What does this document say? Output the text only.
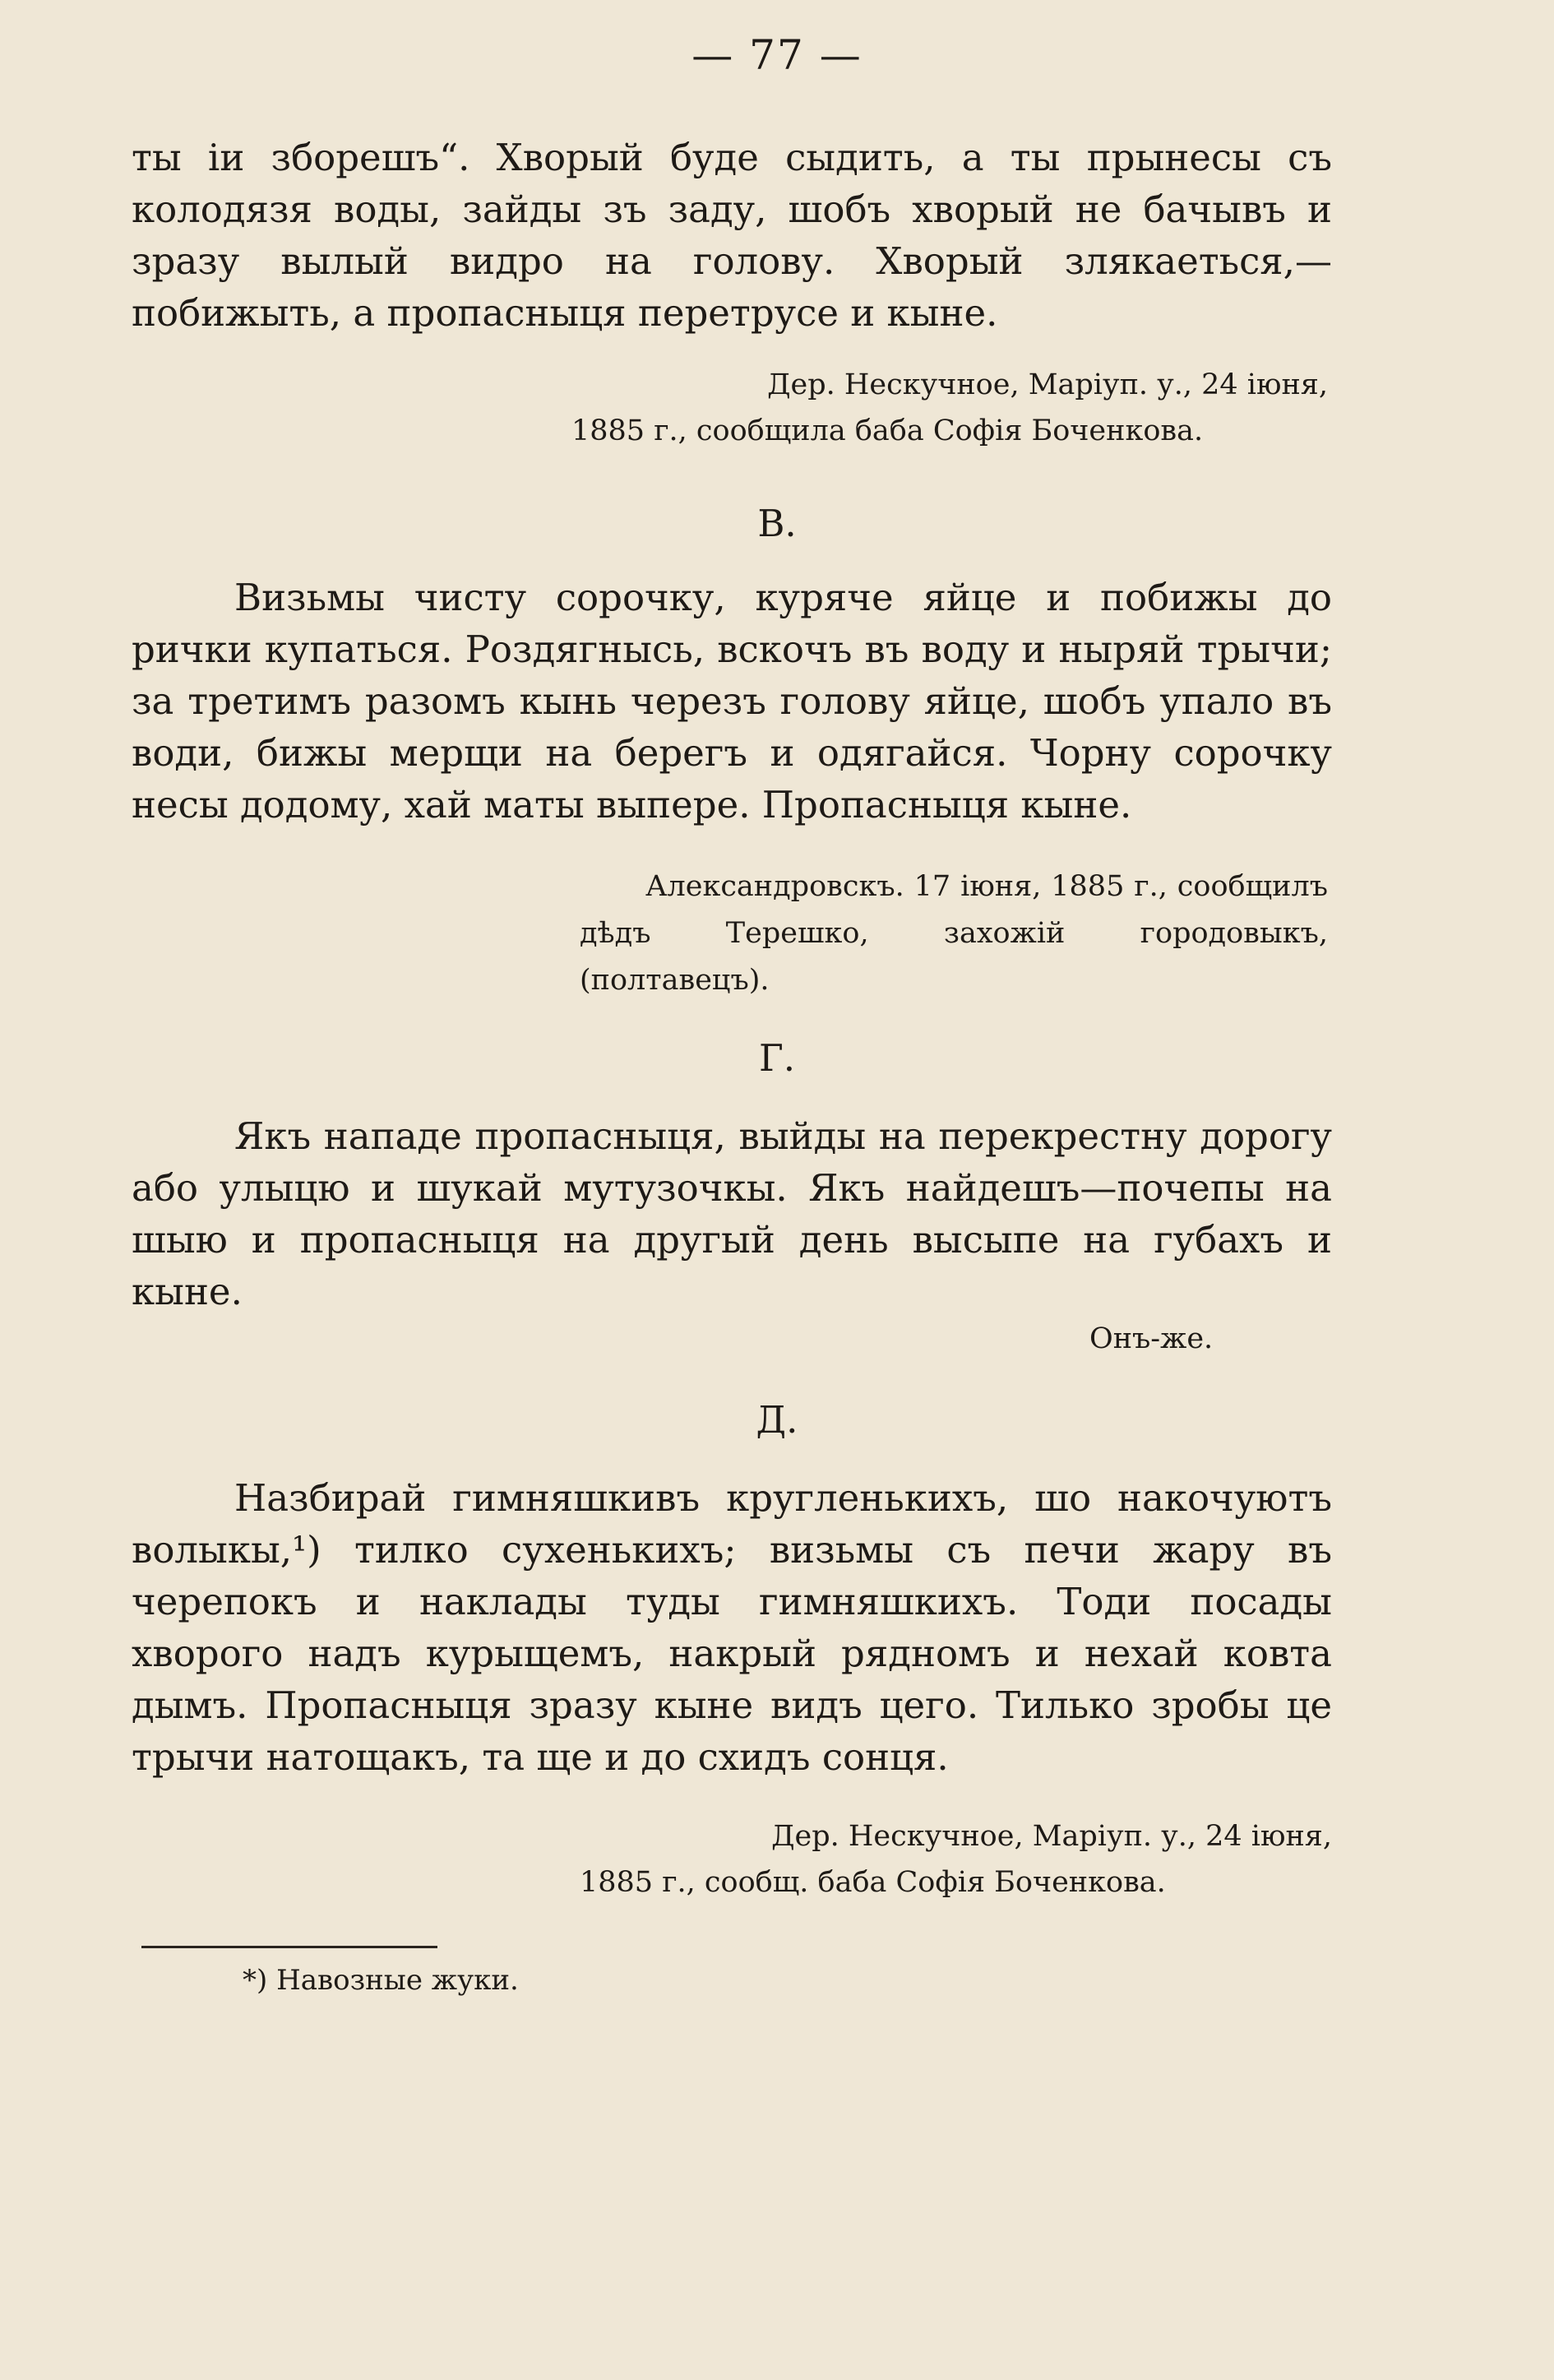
— 77 —

ты іи зборешъ“. Хворый буде сыдить, а ты прынесы съ колодязя воды, зайды зъ заду, шобъ хворый не бачывъ и зразу вылый видро на голову. Хворый злякаеться,—побижыть, а пропасныця перетрусе и кыне.

Дер. Нескучное, Маріуп. у., 24 іюня,

1885 г., сообщила баба Софія Боченкова.

В.

Визьмы чисту сорочку, куряче яйце и побижы до рички купаться. Роздягнысь, вскочъ въ воду и ныряй трычи; за третимъ разомъ кынь черезъ голову яйце, шобъ упало въ води, бижы мерщи на берегъ и одягайся. Чорну сорочку несы додому, хай маты выпере. Пропасныця кыне.

Александровскъ. 17 іюня, 1885 г., сообщилъ дѣдъ Терешко, захожій городовыкъ, (полтавецъ).

Г.

Якъ нападе пропасныця, выйды на перекрестну дорогу або улыцю и шукай мутузочкы. Якъ найдешъ—почепы на шыю и пропасныця на другый день высыпе на губахъ и кыне.

Онъ-же.

Д.

Назбирай гимняшкивъ кругленькихъ, шо накочуютъ волыкы,¹) тилко сухенькихъ; визьмы съ печи жару въ черепокъ и наклады туды гимняшкихъ. Тоди посады хворого надъ курыщемъ, накрый рядномъ и нехай ковта дымъ. Пропасныця зразу кыне видъ цего. Тилько зробы це трычи натощакъ, та ще и до схидъ сонця.

Дер. Нескучное, Маріуп. у., 24 іюня,

1885 г., сообщ. баба Софія Боченкова.

*) Навозные жуки.
